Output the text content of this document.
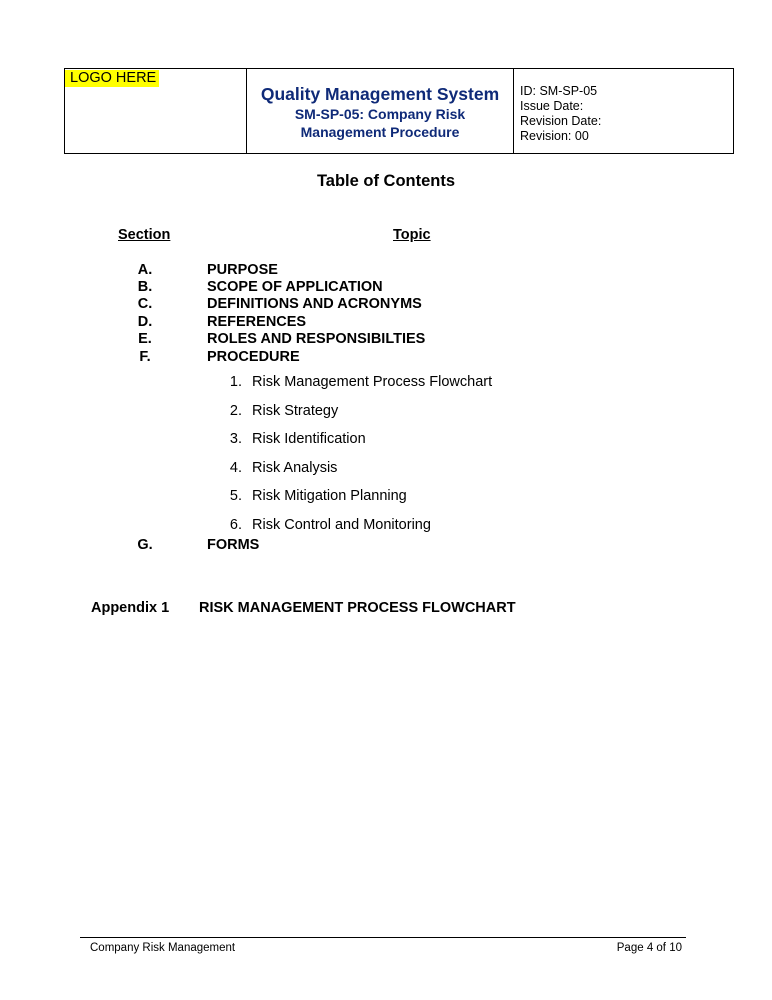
LOGO HERE	
Quality Management System
SM-SP-05: Company Risk
Management Procedure

ID: SM-SP-05
Issue Date:
Revision Date:
Revision: 00
Table of Contents
Section	Topic
A.	PURPOSE
B.	SCOPE OF APPLICATION
C.	DEFINITIONS AND ACRONYMS
D.	REFERENCES
E.	ROLES AND RESPONSIBILTIES
F.	PROCEDURE
1. Risk Management Process Flowchart
2. Risk Strategy
3. Risk Identification
4. Risk Analysis
5. Risk Mitigation Planning
6. Risk Control and Monitoring
G.	FORMS
Appendix 1 RISK MANAGEMENT PROCESS FLOWCHART
Company Risk Management	Page 4 of 10
